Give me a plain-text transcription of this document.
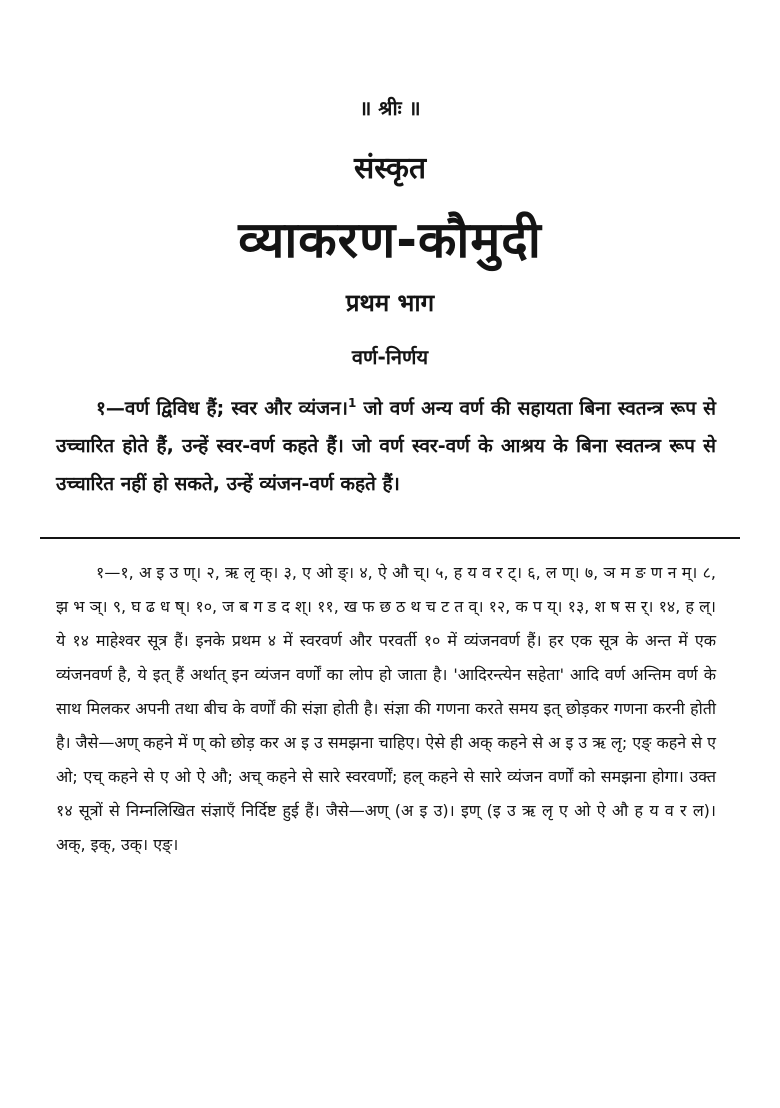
॥ श्रीः ॥
संस्कृत
व्याकरण-कौमुदी
प्रथम भाग
वर्ण-निर्णय
१—वर्ण द्विविध हैं; स्वर और व्यंजन।$^1$ जो वर्ण अन्य वर्ण की सहायता बिना स्वतन्त्र रूप से उच्चारित होते हैं, उन्हें स्वर-वर्ण कहते हैं। जो वर्ण स्वर-वर्ण के आश्रय के बिना स्वतन्त्र रूप से उच्चारित नहीं हो सकते, उन्हें व्यंजन-वर्ण कहते हैं।
१—१, अ इ उ ण्। २, ऋ लृ क्। ३, ए ओ ङ्। ४, ऐ औ च्। ५, ह य व र ट्। ६, ल ण्। ७, ञ म ङ ण न म्। ८, झ भ ञ्। ९, घ ढ ध ष्। १०, ज ब ग ड द श्। ११, ख फ छ ठ थ च ट त व्। १२, क प य्। १३, श ष स र्। १४, ह ल्। ये १४ माहेश्वर सूत्र हैं। इनके प्रथम ४ में स्वरवर्ण और परवर्ती १० में व्यंजनवर्ण हैं। हर एक सूत्र के अन्त में एक व्यंजनवर्ण है, ये इत् हैं अर्थात् इन व्यंजन वर्णों का लोप हो जाता है। 'आदिरन्त्येन सहेता' आदि वर्ण अन्तिम वर्ण के साथ मिलकर अपनी तथा बीच के वर्णों की संज्ञा होती है। संज्ञा की गणना करते समय इत् छोड़कर गणना करनी होती है। जैसे—अण् कहने में ण् को छोड़ कर अ इ उ समझना चाहिए। ऐसे ही अक् कहने से अ इ उ ऋ लृ; एङ् कहने से ए ओ; एच् कहने से ए ओ ऐ औ; अच् कहने से सारे स्वरवर्णों; हल् कहने से सारे व्यंजन वर्णों को समझना होगा। उक्त १४ सूत्रों से निम्नलिखित संज्ञाएँ निर्दिष्ट हुई हैं। जैसे—अण् (अ इ उ)। इण् (इ उ ऋ लृ ए ओ ऐ औ ह य व र ल)। अक्, इक्, उक्। एङ्।
